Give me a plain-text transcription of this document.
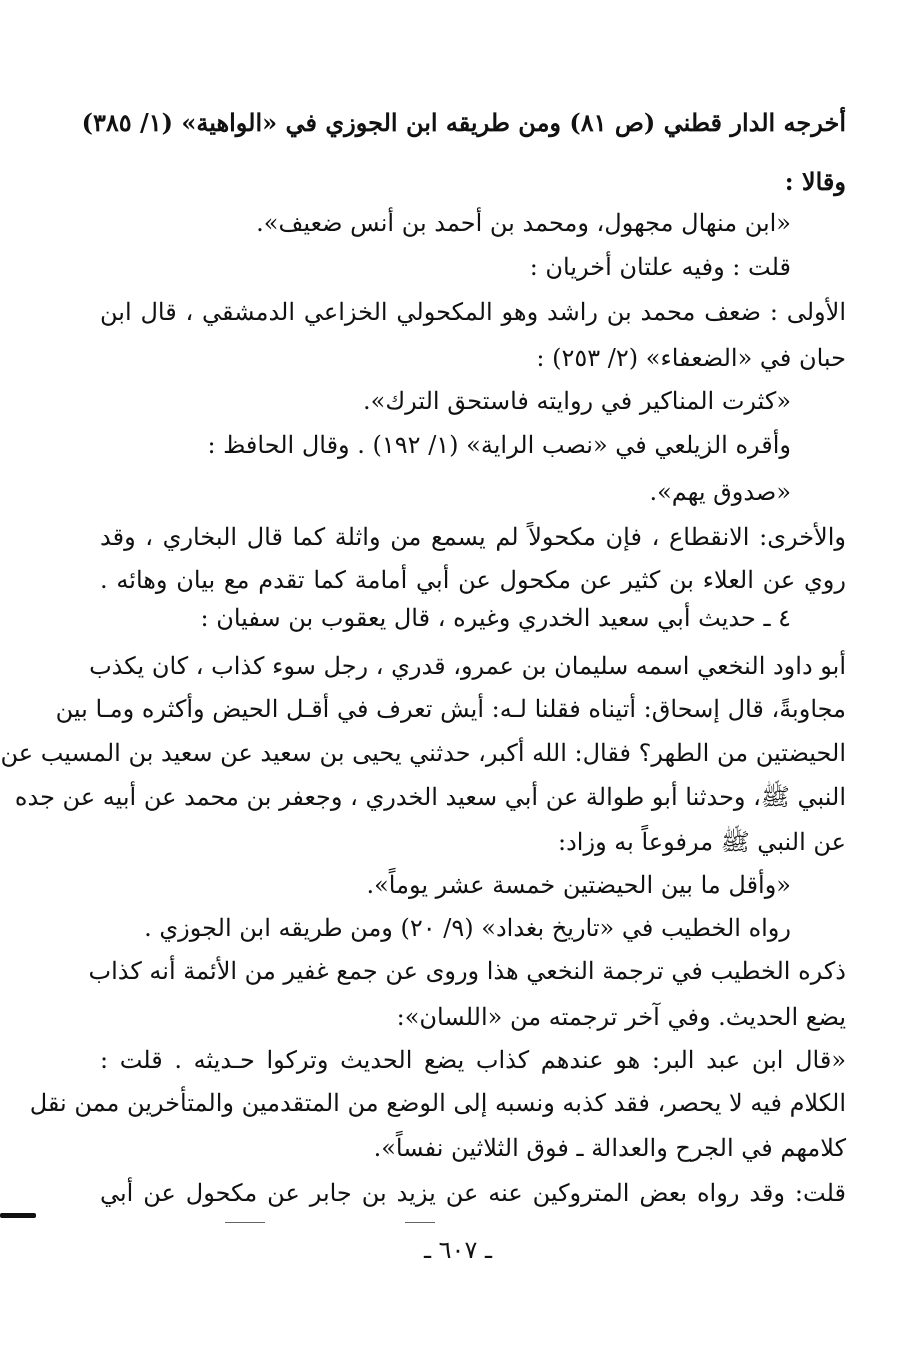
أخرجه الدار قطني (ص ٨١) ومن طريقه ابن الجوزي في «الواهية» (١/ ٣٨٥)

وقالا :

«ابن منهال مجهول، ومحمد بن أحمد بن أنس ضعيف».

قلت : وفيه علتان أخريان :

الأولى : ضعف محمد بن راشد وهو المكحولي الخزاعي الدمشقي ، قال ابن

حبان في «الضعفاء» (٢/ ٢٥٣) :

«كثرت المناكير في روايته فاستحق الترك».

وأقره الزيلعي في «نصب الراية» (١/ ١٩٢) . وقال الحافظ :

«صدوق يهم».

والأخرى: الانقطاع ، فإن مكحولاً لم يسمع من واثلة كما قال البخاري ، وقد

روي عن العلاء بن كثير عن مكحول عن أبي أمامة كما تقدم مع بيان وهائه .

٤ ـ حديث أبي سعيد الخدري وغيره ، قال يعقوب بن سفيان :

أبو داود النخعي اسمه سليمان بن عمرو، قدري ، رجل سوء كذاب ، كان يكذب

مجاوبةً، قال إسحاق: أتيناه فقلنا لـه: أيش تعرف في أقـل الحيض وأكثره ومـا بين

الحيضتين من الطهر؟ فقال: الله أكبر، حدثني يحيى بن سعيد عن سعيد بن المسيب عن

النبي ﷺ، وحدثنا أبو طوالة عن أبي سعيد الخدري ، وجعفر بن محمد عن أبيه عن جده

عن النبي ﷺ مرفوعاً به وزاد:

«وأقل ما بين الحيضتين خمسة عشر يوماً».

رواه الخطيب في «تاريخ بغداد» (٩/ ٢٠) ومن طريقه ابن الجوزي .

ذكره الخطيب في ترجمة النخعي هذا وروى عن جمع غفير من الأئمة أنه كذاب

يضع الحديث. وفي آخر ترجمته من «اللسان»:

«قال ابن عبد البر: هو عندهم كذاب يضع الحديث وتركوا حـديثه . قلت :

الكلام فيه لا يحصر، فقد كذبه ونسبه إلى الوضع من المتقدمين والمتأخرين ممن نقل

كلامهم في الجرح والعدالة ـ فوق الثلاثين نفساً».

قلت: وقد رواه بعض المتروكين عنه عن يزيد بن جابر عن مكحول عن أبي

ـ ٦٠٧ ـ
